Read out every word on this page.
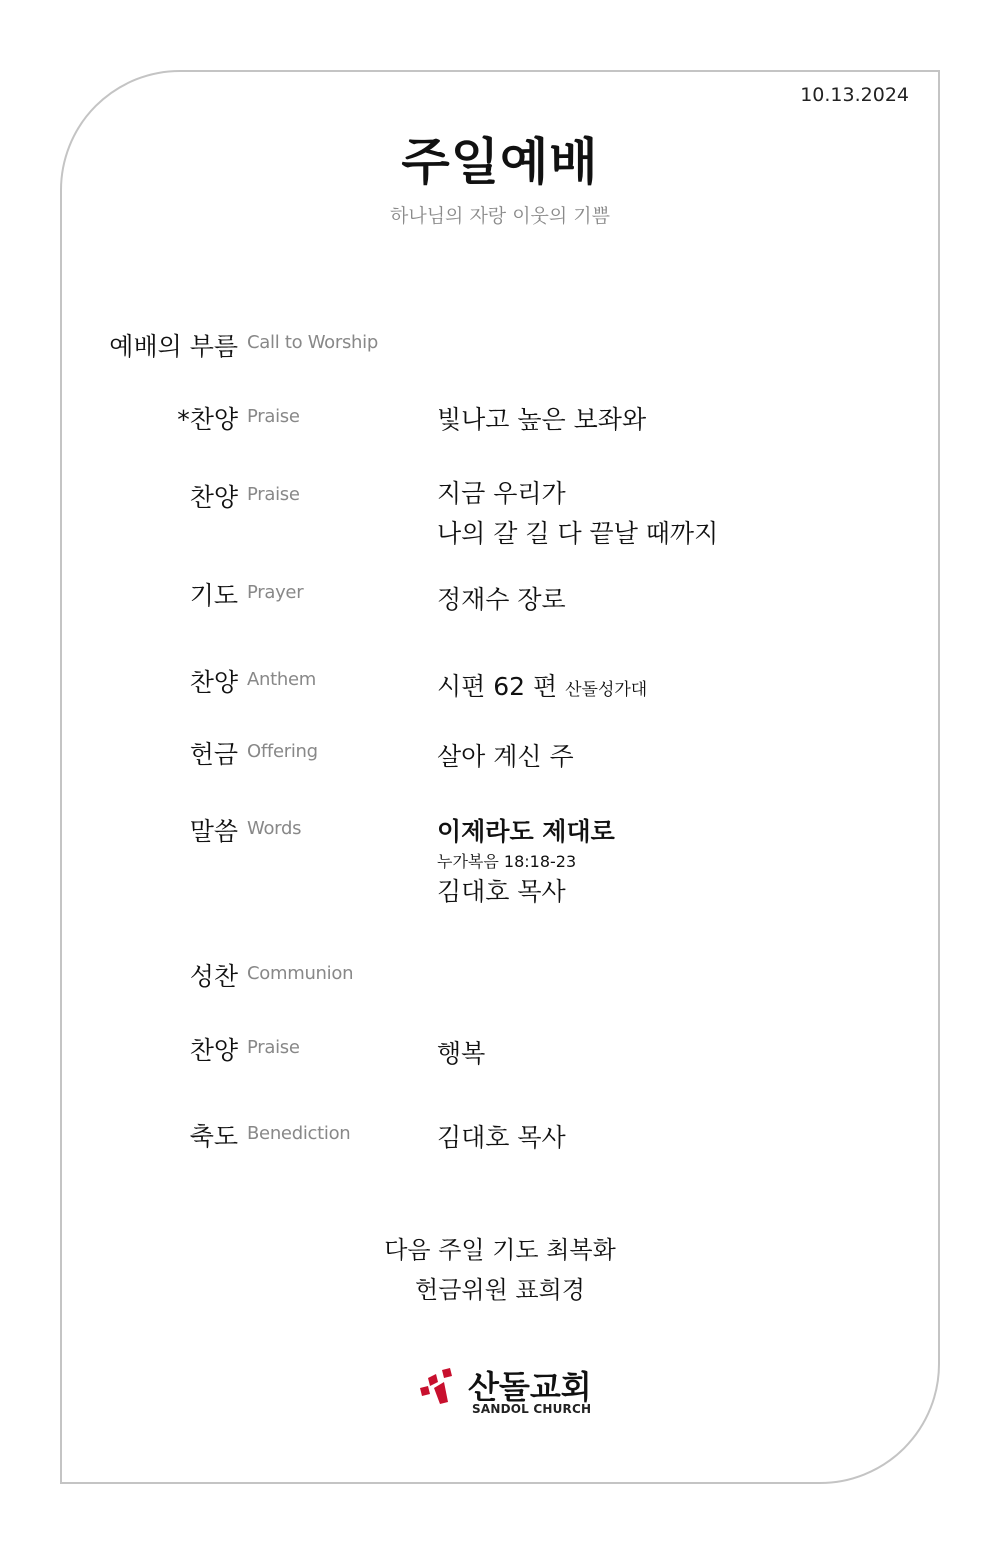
10.13.2024
주일예배
하나님의 자랑 이웃의 기쁨
예배의 부름 Call to Worship
*찬양 Praise	빛나고 높은 보좌와
찬양 Praise	지금 우리가
나의 갈 길 다 끝날 때까지
기도 Prayer	정재수 장로
찬양 Anthem	시편 62 편 산돌성가대
헌금 Offering	살아 계신 주
말씀 Words	이제라도 제대로
누가복음 18:18-23
김대호 목사
성찬 Communion
찬양 Praise	행복
축도 Benediction	김대호 목사
다음 주일 기도 최복화
헌금위원 표희경
산돌교회
SANDOL CHURCH
